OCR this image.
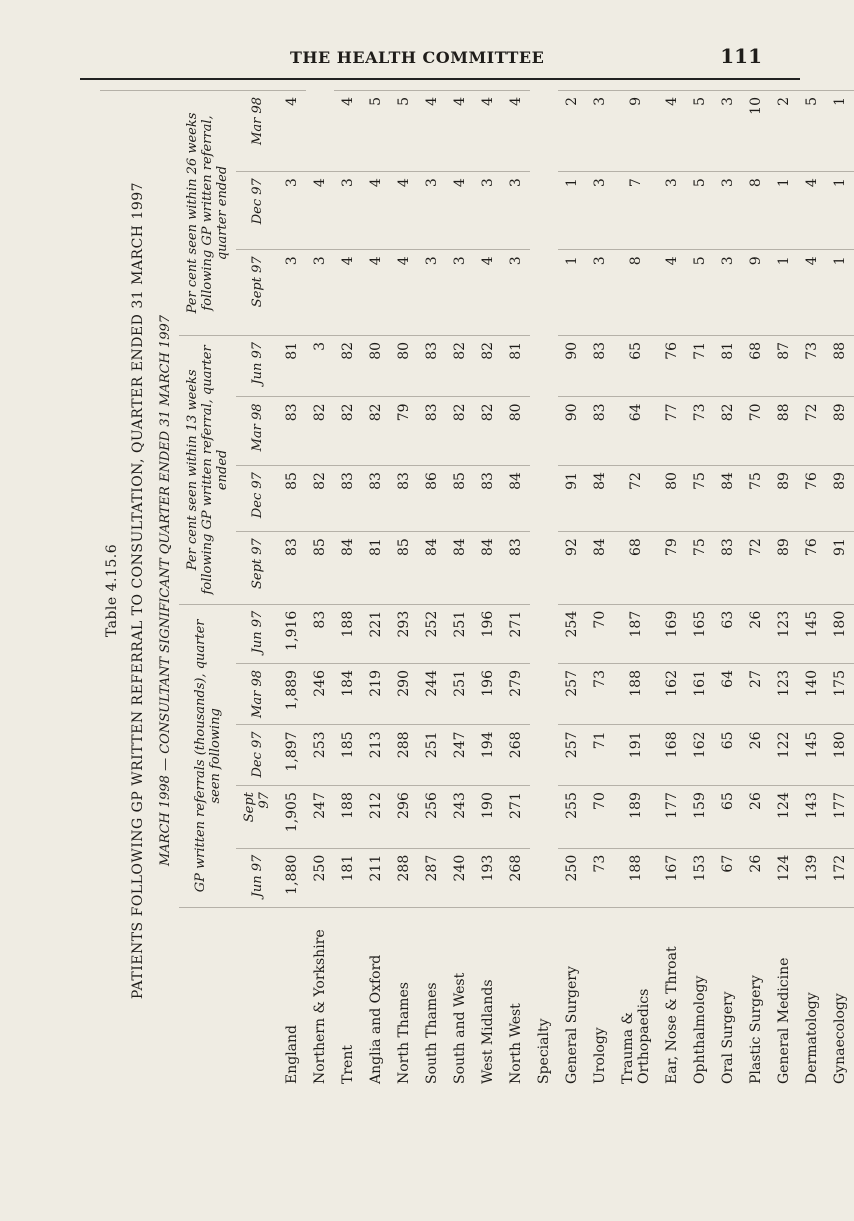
THE HEALTH COMMITTEE	111
Table 4.15.6												
PATIENTS FOLLOWING GP WRITTEN REFERRAL TO CONSULTATION, QUARTER ENDED 31 MARCH 1997												
MARCH 1998 — CONSULTANT SIGNIFICANT QUARTER ENDED 31 MARCH 1997												
	GP written referrals (thousands), quarter seen following					Per cent seen within 13 weeks following GP written referral, quarter ended				Per cent seen within 26 weeks following GP written referral, quarter ended		
	Jun 97	Sept 97	Dec 97	Mar 98	Jun 97	Sept 97	Dec 97	Mar 98	Jun 97	Sept 97	Dec 97	Mar 98
England	1,880	1,905	1,897	1,889	1,916	83	85	83	81	3	3	4
Northern & Yorkshire	250	247	253	246	83	85	82	82	3	3	4	
Trent	181	188	185	184	188	84	83	82	82	4	3	4
Anglia and Oxford	211	212	213	219	221	81	83	82	80	4	4	5
North Thames	288	296	288	290	293	85	83	79	80	4	4	5
South Thames	287	256	251	244	252	84	86	83	83	3	3	4
South and West	240	243	247	251	251	84	85	82	82	3	4	4
West Midlands	193	190	194	196	196	84	83	82	82	4	3	4
North West	268	271	268	279	271	83	84	80	81	3	3	4
Specialty												
General Surgery	250	255	257	257	254	92	91	90	90	1	1	2
Urology	73	70	71	73	70	84	84	83	83	3	3	3
Trauma & Orthopaedics	188	189	191	188	187	68	72	64	65	8	7	9
Ear, Nose & Throat	167	177	168	162	169	79	80	77	76	4	3	4
Ophthalmology	153	159	162	161	165	75	75	73	71	5	5	5
Oral Surgery	67	65	65	64	63	83	84	82	81	3	3	3
Plastic Surgery	26	26	26	27	26	72	75	70	68	9	8	10
General Medicine	124	124	122	123	123	89	89	88	87	1	1	2
Dermatology	139	143	145	140	145	76	76	72	73	4	4	5
Gynaecology	172	177	180	175	180	91	89	89	88	1	1	1
